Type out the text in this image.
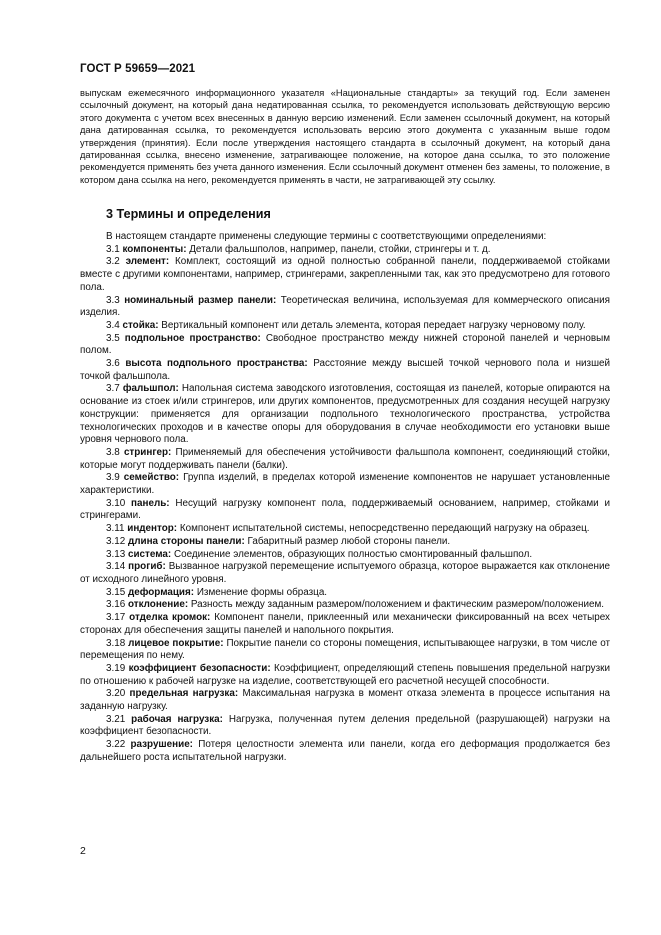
ГОСТ Р 59659—2021
выпускам ежемесячного информационного указателя «Национальные стандарты» за текущий год. Если заменен ссылочный документ, на который дана недатированная ссылка, то рекомендуется использовать действующую версию этого документа с учетом всех внесенных в данную версию изменений. Если заменен ссылочный документ, на который дана датированная ссылка, то рекомендуется использовать версию этого документа с указанным выше годом утверждения (принятия). Если после утверждения настоящего стандарта в ссылочный документ, на который дана датированная ссылка, внесено изменение, затрагивающее положение, на которое дана ссылка, то это положение рекомендуется применять без учета данного изменения. Если ссылочный документ отменен без замены, то положение, в котором дана ссылка на него, рекомендуется применять в части, не затрагивающей эту ссылку.
3 Термины и определения

В настоящем стандарте применены следующие термины с соответствующими определениями:

3.1 компоненты: Детали фальшполов, например, панели, стойки, стрингеры и т. д.

3.2 элемент: Комплект, состоящий из одной полностью собранной панели, поддерживаемой стойками вместе с другими компонентами, например, стрингерами, закрепленными так, как это предусмотрено для готового пола.

3.3 номинальный размер панели: Теоретическая величина, используемая для коммерческого описания изделия.

3.4 стойка: Вертикальный компонент или деталь элемента, которая передает нагрузку черновому полу.

3.5 подпольное пространство: Свободное пространство между нижней стороной панелей и черновым полом.

3.6 высота подпольного пространства: Расстояние между высшей точкой чернового пола и низшей точкой фальшпола.

3.7 фальшпол: Напольная система заводского изготовления, состоящая из панелей, которые опираются на основание из стоек и/или стрингеров, или других компонентов, предусмотренных для создания несущей нагрузку конструкции: применяется для организации подпольного технологического пространства, устройства технологических проходов и в качестве опоры для оборудования в случае необходимости его установки выше уровня чернового пола.

3.8 стрингер: Применяемый для обеспечения устойчивости фальшпола компонент, соединяющий стойки, которые могут поддерживать панели (балки).

3.9 семейство: Группа изделий, в пределах которой изменение компонентов не нарушает установленные характеристики.

3.10 панель: Несущий нагрузку компонент пола, поддерживаемый основанием, например, стойками и стрингерами.

3.11 индентор: Компонент испытательной системы, непосредственно передающий нагрузку на образец.

3.12 длина стороны панели: Габаритный размер любой стороны панели.

3.13 система: Соединение элементов, образующих полностью смонтированный фальшпол.

3.14 прогиб: Вызванное нагрузкой перемещение испытуемого образца, которое выражается как отклонение от исходного линейного уровня.

3.15 деформация: Изменение формы образца.

3.16 отклонение: Разность между заданным размером/положением и фактическим размером/положением.

3.17 отделка кромок: Компонент панели, приклеенный или механически фиксированный на всех четырех сторонах для обеспечения защиты панелей и напольного покрытия.

3.18 лицевое покрытие: Покрытие панели со стороны помещения, испытывающее нагрузки, в том числе от перемещения по нему.

3.19 коэффициент безопасности: Коэффициент, определяющий степень повышения предельной нагрузки по отношению к рабочей нагрузке на изделие, соответствующей его расчетной несущей способности.

3.20 предельная нагрузка: Максимальная нагрузка в момент отказа элемента в процессе испытания на заданную нагрузку.

3.21 рабочая нагрузка: Нагрузка, полученная путем деления предельной (разрушающей) нагрузки на коэффициент безопасности.

3.22 разрушение: Потеря целостности элемента или панели, когда его деформация продолжается без дальнейшего роста испытательной нагрузки.

2
